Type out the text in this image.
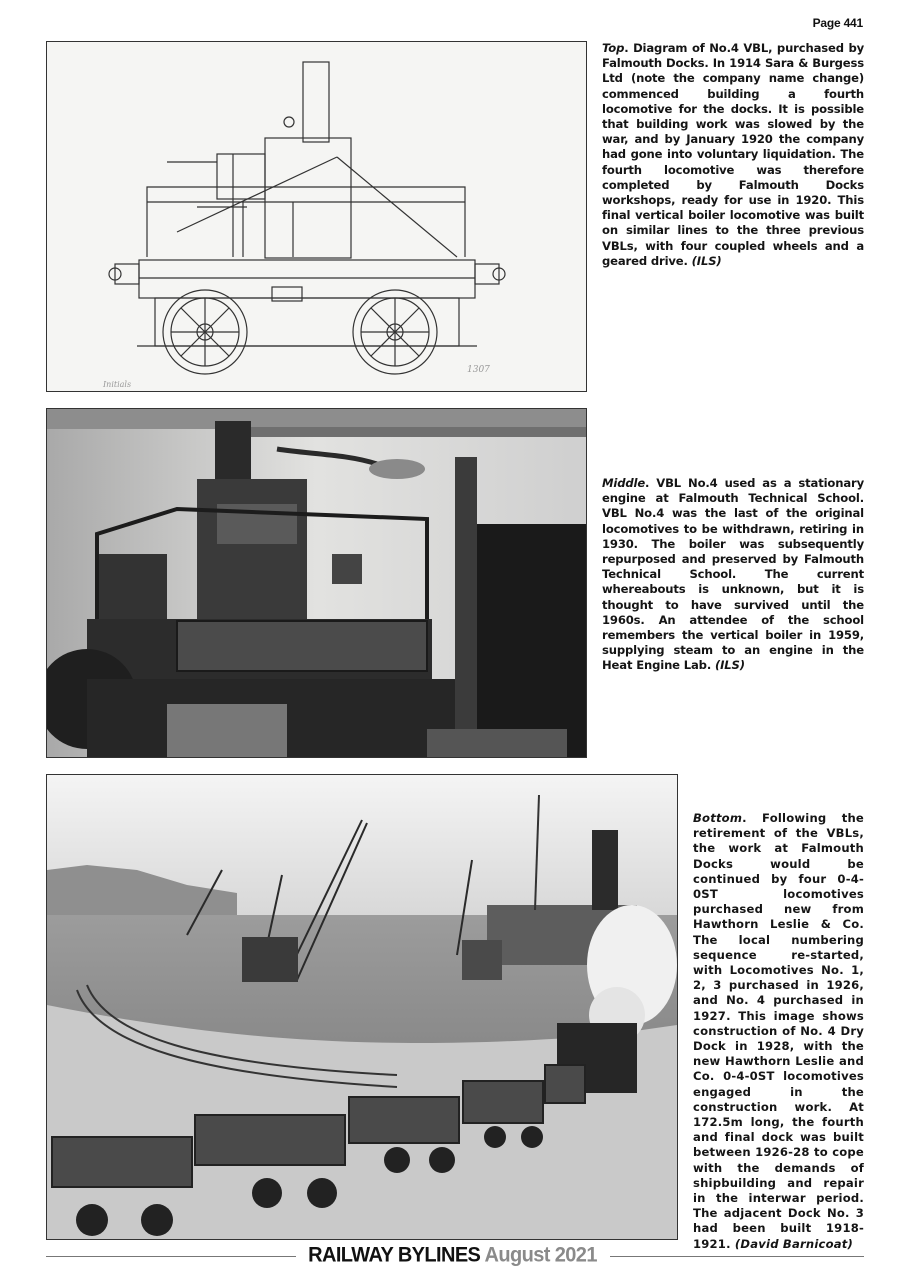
Page 441
Initials
1307
Top. Diagram of No.4 VBL, purchased by Falmouth Docks. In 1914 Sara & Burgess Ltd (note the company name change) commenced building a fourth locomotive for the docks. It is possible that building work was slowed by the war, and by January 1920 the company had gone into voluntary liquidation. The fourth locomotive was therefore completed by Falmouth Docks workshops, ready for use in 1920. This final vertical boiler locomotive was built on similar lines to the three previous VBLs, with four coupled wheels and a geared drive. (ILS)
Middle. VBL No.4 used as a stationary engine at Falmouth Technical School. VBL No.4 was the last of the original locomotives to be withdrawn, retiring in 1930. The boiler was subsequently repurposed and preserved by Falmouth Technical School. The current whereabouts is unknown, but it is thought to have survived until the 1960s. An attendee of the school remembers the vertical boiler in 1959, supplying steam to an engine in the Heat Engine Lab. (ILS)
Bottom. Following the retirement of the VBLs, the work at Falmouth Docks would be continued by four 0-4-0ST locomotives purchased new from Hawthorn Leslie & Co. The local numbering sequence re-started, with Locomotives No. 1, 2, 3 purchased in 1926, and No. 4 purchased in 1927. This image shows construction of No. 4 Dry Dock in 1928, with the new Hawthorn Leslie and Co. 0-4-0ST locomotives engaged in the construction work. At 172.5m long, the fourth and final dock was built between 1926-28 to cope with the demands of shipbuilding and repair in the interwar period. The adjacent Dock No. 3 had been built 1918-1921. (David Barnicoat)
RAILWAY BYLINES August 2021
